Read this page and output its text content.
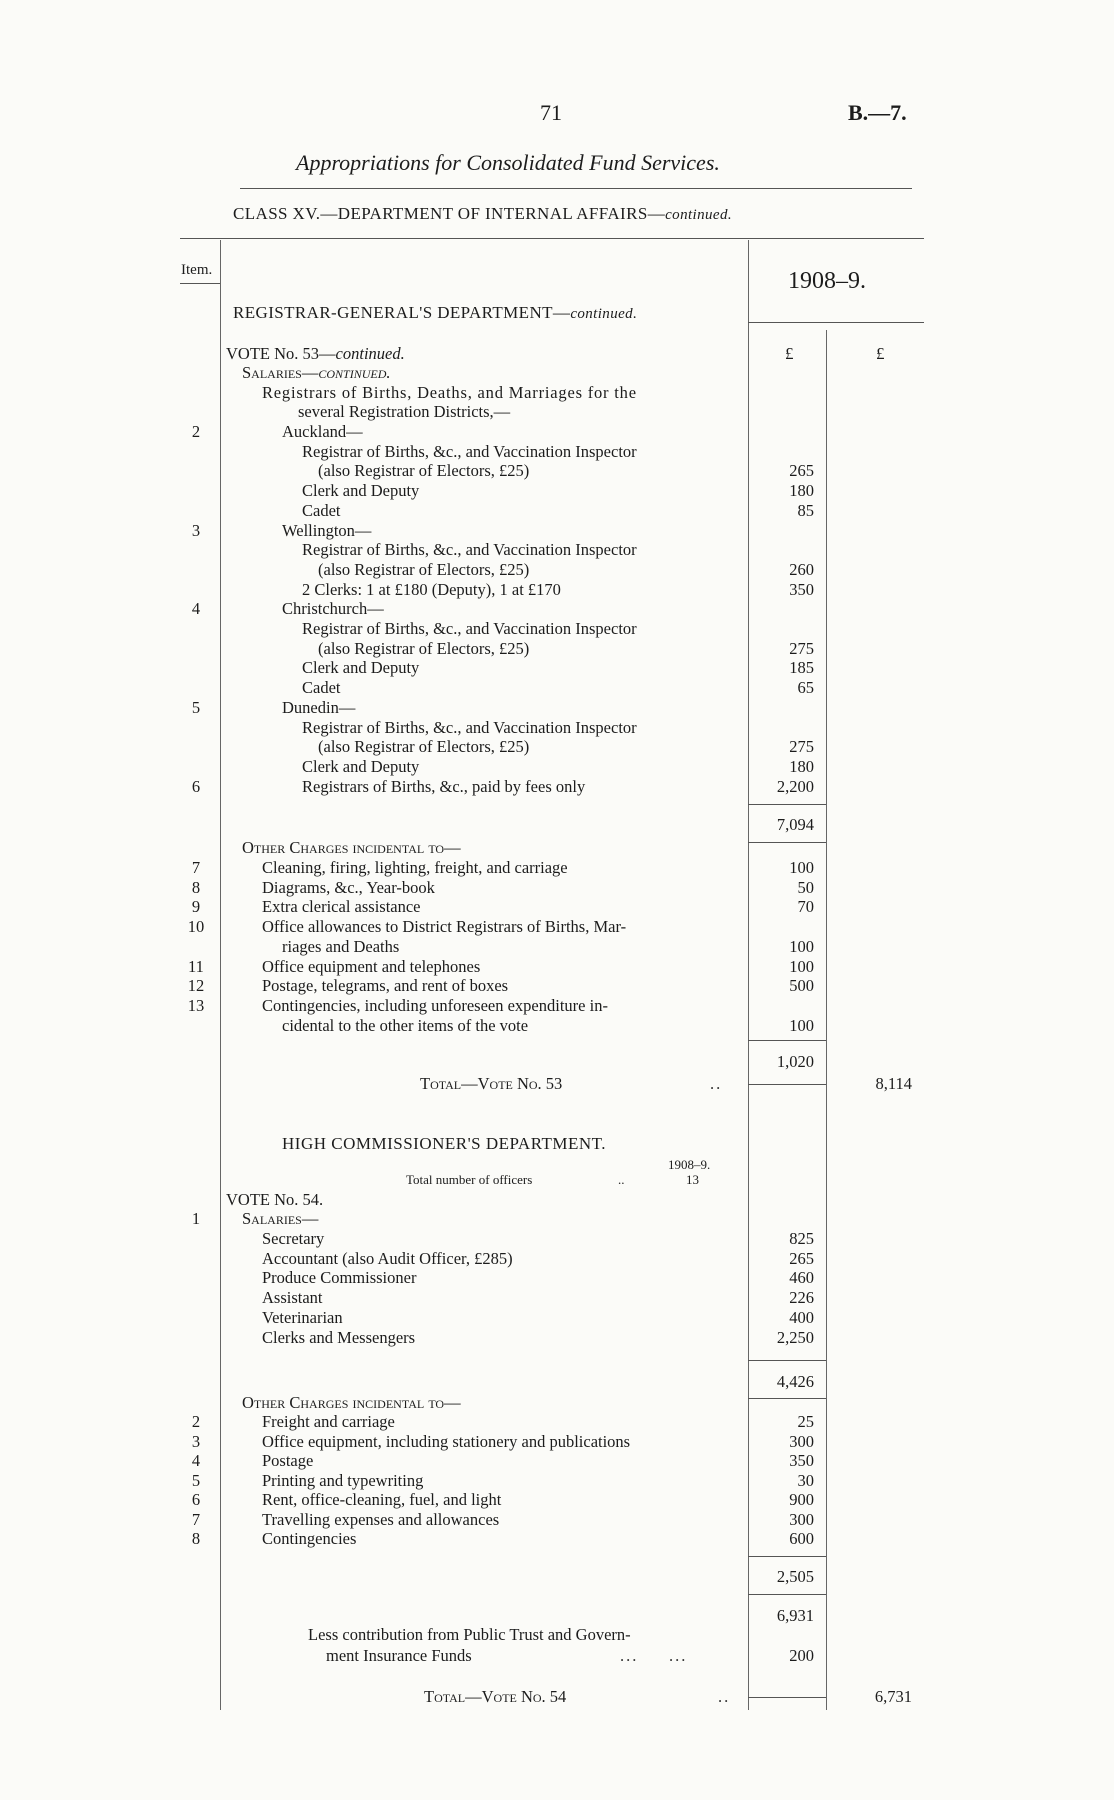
71	B.—7.
Appropriations for Consolidated Fund Services.
CLASS XV.—DEPARTMENT OF INTERNAL AFFAIRS—continued.
Item.	1908–9.
REGISTRAR-GENERAL'S DEPARTMENT—continued.
VOTE No. 53—continued.	£	£
Salaries—continued.
Registrars of Births, Deaths, and Marriages for the
several Registration Districts,—
2	Auckland—
Registrar of Births, &c., and Vaccination Inspector
(also Registrar of Electors, £25)	265
Clerk and Deputy	180
Cadet	85
3	Wellington—
Registrar of Births, &c., and Vaccination Inspector
(also Registrar of Electors, £25)	260
2 Clerks: 1 at £180 (Deputy), 1 at £170	350
4	Christchurch—
Registrar of Births, &c., and Vaccination Inspector
(also Registrar of Electors, £25)	275
Clerk and Deputy	185
Cadet	65
5	Dunedin—
Registrar of Births, &c., and Vaccination Inspector
(also Registrar of Electors, £25)	275
Clerk and Deputy	180
6	Registrars of Births, &c., paid by fees only	2,200
7,094
Other Charges incidental to—
7	Cleaning, firing, lighting, freight, and carriage	100
8	Diagrams, &c., Year-book	50
9	Extra clerical assistance	70
10	Office allowances to District Registrars of Births, Mar-
riages and Deaths	100
11	Office equipment and telephones	100
12	Postage, telegrams, and rent of boxes	500
13	Contingencies, including unforeseen expenditure in-
cidental to the other items of the vote	100
1,020
Total—Vote No. 53	..	8,114
HIGH COMMISSIONER'S DEPARTMENT.
1908–9.
Total number of officers	..	13
VOTE No. 54.
1	Salaries—
Secretary	825
Accountant (also Audit Officer, £285)	265
Produce Commissioner	460
Assistant	226
Veterinarian	400
Clerks and Messengers	2,250
4,426
Other Charges incidental to—
2	Freight and carriage	25
3	Office equipment, including stationery and publications	300
4	Postage	350
5	Printing and typewriting	30
6	Rent, office-cleaning, fuel, and light	900
7	Travelling expenses and allowances	300
8	Contingencies	600
2,505
6,931
Less contribution from Public Trust and Govern-
ment Insurance Funds	...     ...	200
Total—Vote No. 54	..	6,731
